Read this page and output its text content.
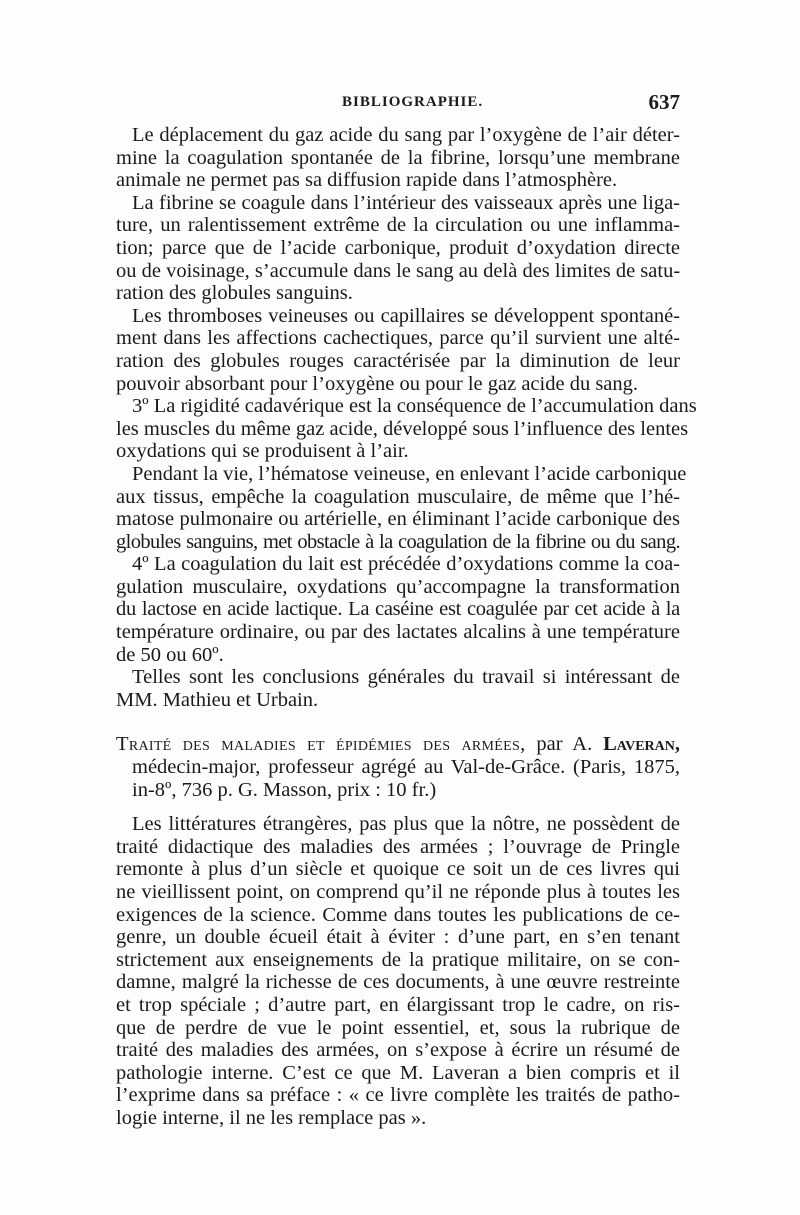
BIBLIOGRAPHIE.	637
Le déplacement du gaz acide du sang par l’oxygène de l’air déter-
mine la coagulation spontanée de la fibrine, lorsqu’une membrane
animale ne permet pas sa diffusion rapide dans l’atmosphère.
La fibrine se coagule dans l’intérieur des vaisseaux après une liga-
ture, un ralentissement extrême de la circulation ou une inflamma-
tion; parce que de l’acide carbonique, produit d’oxydation directe
ou de voisinage, s’accumule dans le sang au delà des limites de satu-
ration des globules sanguins.
Les thromboses veineuses ou capillaires se développent spontané-
ment dans les affections cachectiques, parce qu’il survient une alté-
ration des globules rouges caractérisée par la diminution de leur
pouvoir absorbant pour l’oxygène ou pour le gaz acide du sang.
3º La rigidité cadavérique est la conséquence de l’accumulation dans
les muscles du même gaz acide, développé sous l’influence des lentes
oxydations qui se produisent à l’air.
Pendant la vie, l’hématose veineuse, en enlevant l’acide carbonique
aux tissus, empêche la coagulation musculaire, de même que l’hé-
matose pulmonaire ou artérielle, en éliminant l’acide carbonique des
globules sanguins, met obstacle à la coagulation de la fibrine ou du sang.
4º La coagulation du lait est précédée d’oxydations comme la coa-
gulation musculaire, oxydations qu’accompagne la transformation
du lactose en acide lactique. La caséine est coagulée par cet acide à la
température ordinaire, ou par des lactates alcalins à une température
de 50 ou 60º.
Telles sont les conclusions générales du travail si intéressant de
MM. Mathieu et Urbain.
Traité des maladies et épidémies des armées, par A. Laveran,
médecin-major, professeur agrégé au Val-de-Grâce. (Paris, 1875,
in-8º, 736 p. G. Masson, prix : 10 fr.)
Les littératures étrangères, pas plus que la nôtre, ne possèdent de
traité didactique des maladies des armées ; l’ouvrage de Pringle
remonte à plus d’un siècle et quoique ce soit un de ces livres qui
ne vieillissent point, on comprend qu’il ne réponde plus à toutes les
exigences de la science. Comme dans toutes les publications de ce-
genre, un double écueil était à éviter : d’une part, en s’en tenant
strictement aux enseignements de la pratique militaire, on se con-
damne, malgré la richesse de ces documents, à une œuvre restreinte
et trop spéciale ; d’autre part, en élargissant trop le cadre, on ris-
que de perdre de vue le point essentiel, et, sous la rubrique de
traité des maladies des armées, on s’expose à écrire un résumé de
pathologie interne. C’est ce que M. Laveran a bien compris et il
l’exprime dans sa préface : « ce livre complète les traités de patho-
logie interne, il ne les remplace pas ».
